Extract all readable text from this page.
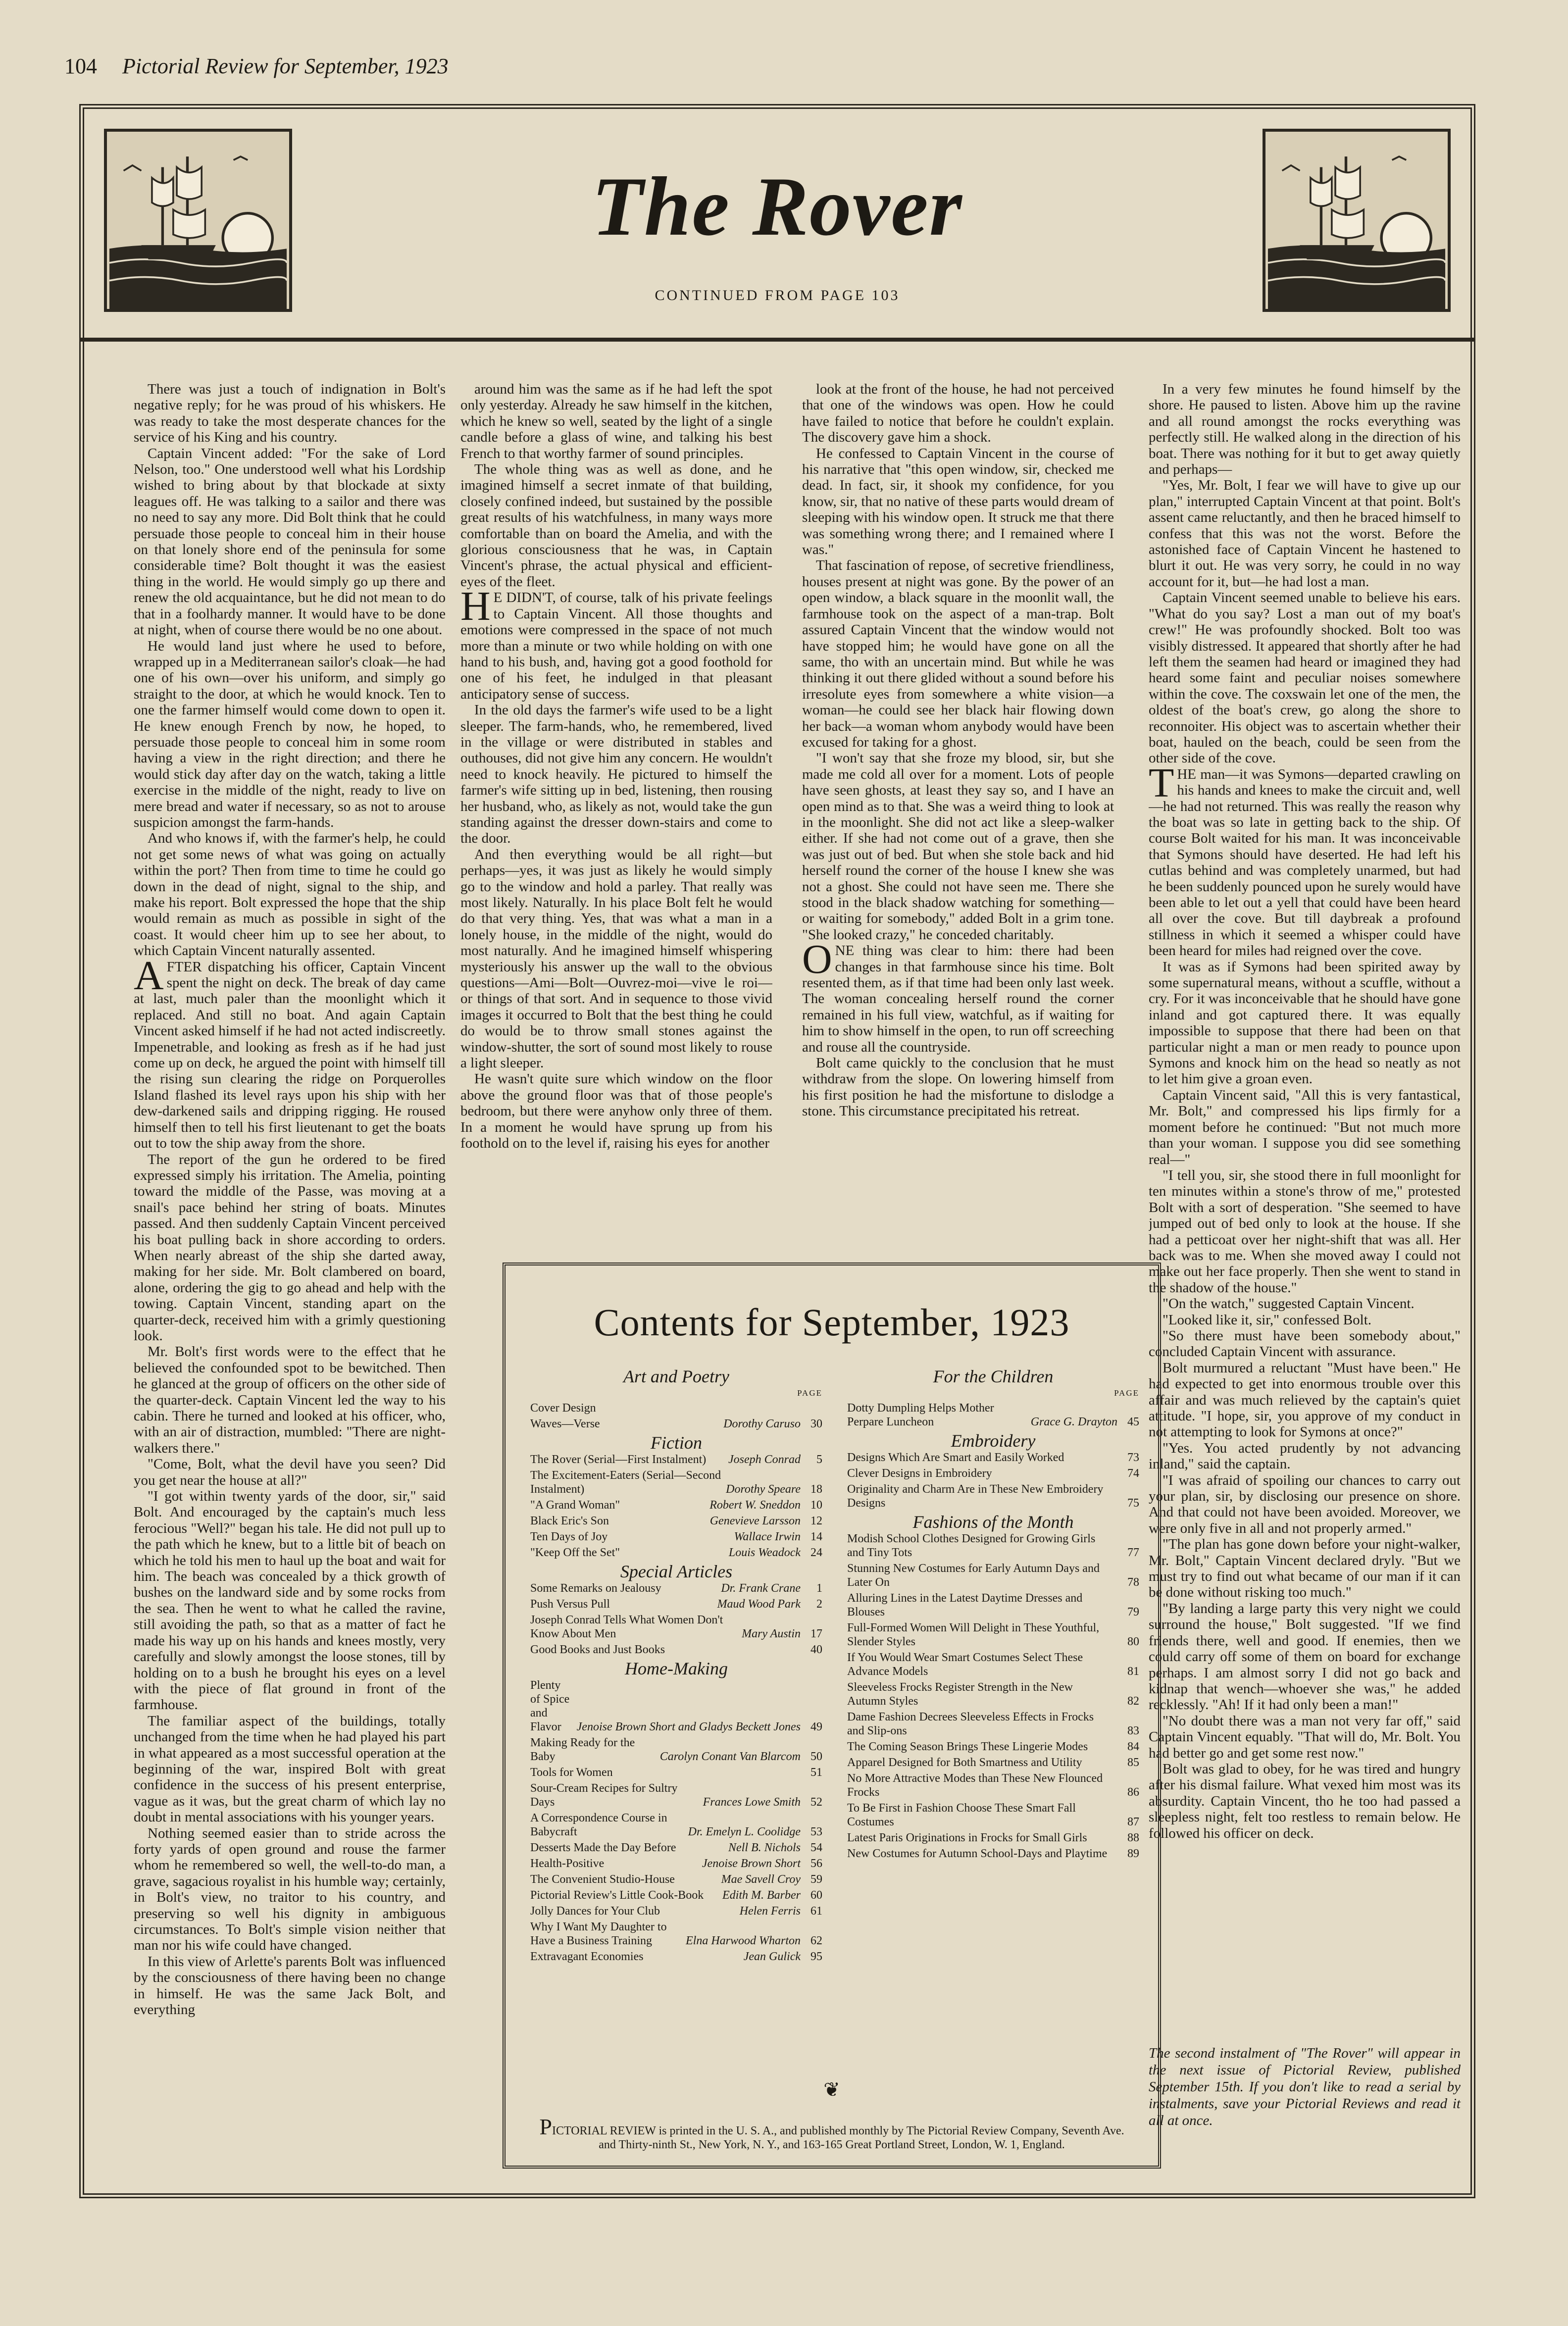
104 Pictorial Review for September, 1923
The Rover
CONTINUED FROM PAGE 103

There was just a touch of indignation in Bolt's negative reply; for he was proud of his whiskers. He was ready to take the most desperate chances for the service of his King and his country.

Captain Vincent added: "For the sake of Lord Nelson, too." One understood well what his Lordship wished to bring about by that blockade at sixty leagues off. He was talking to a sailor and there was no need to say any more. Did Bolt think that he could persuade those people to conceal him in their house on that lonely shore end of the peninsula for some considerable time? Bolt thought it was the easiest thing in the world. He would simply go up there and renew the old acquaintance, but he did not mean to do that in a foolhardy manner. It would have to be done at night, when of course there would be no one about.

He would land just where he used to before, wrapped up in a Mediterranean sailor's cloak—he had one of his own—over his uniform, and simply go straight to the door, at which he would knock. Ten to one the farmer himself would come down to open it. He knew enough French by now, he hoped, to persuade those people to conceal him in some room having a view in the right direction; and there he would stick day after day on the watch, taking a little exercise in the middle of the night, ready to live on mere bread and water if necessary, so as not to arouse suspicion amongst the farm-hands.

And who knows if, with the farmer's help, he could not get some news of what was going on actually within the port? Then from time to time he could go down in the dead of night, signal to the ship, and make his report. Bolt expressed the hope that the ship would remain as much as possible in sight of the coast. It would cheer him up to see her about, to which Captain Vincent naturally assented.

AFTER dispatching his officer, Captain Vincent spent the night on deck. The break of day came at last, much paler than the moonlight which it replaced. And still no boat. And again Captain Vincent asked himself if he had not acted indiscreetly. Impenetrable, and looking as fresh as if he had just come up on deck, he argued the point with himself till the rising sun clearing the ridge on Porquerolles Island flashed its level rays upon his ship with her dew-darkened sails and dripping rigging. He roused himself then to tell his first lieutenant to get the boats out to tow the ship away from the shore.

The report of the gun he ordered to be fired expressed simply his irritation. The Amelia, pointing toward the middle of the Passe, was moving at a snail's pace behind her string of boats. Minutes passed. And then suddenly Captain Vincent perceived his boat pulling back in shore according to orders. When nearly abreast of the ship she darted away, making for her side. Mr. Bolt clambered on board, alone, ordering the gig to go ahead and help with the towing. Captain Vincent, standing apart on the quarter-deck, received him with a grimly questioning look.

Mr. Bolt's first words were to the effect that he believed the confounded spot to be bewitched. Then he glanced at the group of officers on the other side of the quarter-deck. Captain Vincent led the way to his cabin. There he turned and looked at his officer, who, with an air of distraction, mumbled: "There are night-walkers there."

"Come, Bolt, what the devil have you seen? Did you get near the house at all?"

"I got within twenty yards of the door, sir," said Bolt. And encouraged by the captain's much less ferocious "Well?" began his tale. He did not pull up to the path which he knew, but to a little bit of beach on which he told his men to haul up the boat and wait for him. The beach was concealed by a thick growth of bushes on the landward side and by some rocks from the sea. Then he went to what he called the ravine, still avoiding the path, so that as a matter of fact he made his way up on his hands and knees mostly, very carefully and slowly amongst the loose stones, till by holding on to a bush he brought his eyes on a level with the piece of flat ground in front of the farmhouse.

The familiar aspect of the buildings, totally unchanged from the time when he had played his part in what appeared as a most successful operation at the beginning of the war, inspired Bolt with great confidence in the success of his present enterprise, vague as it was, but the great charm of which lay no doubt in mental associations with his younger years.

Nothing seemed easier than to stride across the forty yards of open ground and rouse the farmer whom he remembered so well, the well-to-do man, a grave, sagacious royalist in his humble way; certainly, in Bolt's view, no traitor to his country, and preserving so well his dignity in ambiguous circumstances. To Bolt's simple vision neither that man nor his wife could have changed.

In this view of Arlette's parents Bolt was influenced by the consciousness of there having been no change in himself. He was the same Jack Bolt, and everything

around him was the same as if he had left the spot only yesterday. Already he saw himself in the kitchen, which he knew so well, seated by the light of a single candle before a glass of wine, and talking his best French to that worthy farmer of sound principles.

The whole thing was as well as done, and he imagined himself a secret inmate of that building, closely confined indeed, but sustained by the possible great results of his watchfulness, in many ways more comfortable than on board the Amelia, and with the glorious consciousness that he was, in Captain Vincent's phrase, the actual physical and efficient-eyes of the fleet.

HE DIDN'T, of course, talk of his private feelings to Captain Vincent. All those thoughts and emotions were compressed in the space of not much more than a minute or two while holding on with one hand to his bush, and, having got a good foothold for one of his feet, he indulged in that pleasant anticipatory sense of success.

In the old days the farmer's wife used to be a light sleeper. The farm-hands, who, he remembered, lived in the village or were distributed in stables and outhouses, did not give him any concern. He wouldn't need to knock heavily. He pictured to himself the farmer's wife sitting up in bed, listening, then rousing her husband, who, as likely as not, would take the gun standing against the dresser down-stairs and come to the door.

And then everything would be all right—but perhaps—yes, it was just as likely he would simply go to the window and hold a parley. That really was most likely. Naturally. In his place Bolt felt he would do that very thing. Yes, that was what a man in a lonely house, in the middle of the night, would do most naturally. And he imagined himself whispering mysteriously his answer up the wall to the obvious questions—Ami—Bolt—Ouvrez-moi—vive le roi—or things of that sort. And in sequence to those vivid images it occurred to Bolt that the best thing he could do would be to throw small stones against the window-shutter, the sort of sound most likely to rouse a light sleeper.

He wasn't quite sure which window on the floor above the ground floor was that of those people's bedroom, but there were anyhow only three of them. In a moment he would have sprung up from his foothold on to the level if, raising his eyes for another

look at the front of the house, he had not perceived that one of the windows was open. How he could have failed to notice that before he couldn't explain. The discovery gave him a shock.

He confessed to Captain Vincent in the course of his narrative that "this open window, sir, checked me dead. In fact, sir, it shook my confidence, for you know, sir, that no native of these parts would dream of sleeping with his window open. It struck me that there was something wrong there; and I remained where I was."

That fascination of repose, of secretive friendliness, houses present at night was gone. By the power of an open window, a black square in the moonlit wall, the farmhouse took on the aspect of a man-trap. Bolt assured Captain Vincent that the window would not have stopped him; he would have gone on all the same, tho with an uncertain mind. But while he was thinking it out there glided without a sound before his irresolute eyes from somewhere a white vision—a woman—he could see her black hair flowing down her back—a woman whom anybody would have been excused for taking for a ghost.

"I won't say that she froze my blood, sir, but she made me cold all over for a moment. Lots of people have seen ghosts, at least they say so, and I have an open mind as to that. She was a weird thing to look at in the moonlight. She did not act like a sleep-walker either. If she had not come out of a grave, then she was just out of bed. But when she stole back and hid herself round the corner of the house I knew she was not a ghost. She could not have seen me. There she stood in the black shadow watching for something—or waiting for somebody," added Bolt in a grim tone. "She looked crazy," he conceded charitably.

ONE thing was clear to him: there had been changes in that farmhouse since his time. Bolt resented them, as if that time had been only last week. The woman concealing herself round the corner remained in his full view, watchful, as if waiting for him to show himself in the open, to run off screeching and rouse all the countryside.

Bolt came quickly to the conclusion that he must withdraw from the slope. On lowering himself from his first position he had the misfortune to dislodge a stone. This circumstance precipitated his retreat.

In a very few minutes he found himself by the shore. He paused to listen. Above him up the ravine and all round amongst the rocks everything was perfectly still. He walked along in the direction of his boat. There was nothing for it but to get away quietly and perhaps—

"Yes, Mr. Bolt, I fear we will have to give up our plan," interrupted Captain Vincent at that point. Bolt's assent came reluctantly, and then he braced himself to confess that this was not the worst. Before the astonished face of Captain Vincent he hastened to blurt it out. He was very sorry, he could in no way account for it, but—he had lost a man.

Captain Vincent seemed unable to believe his ears. "What do you say? Lost a man out of my boat's crew!" He was profoundly shocked. Bolt too was visibly distressed. It appeared that shortly after he had left them the seamen had heard or imagined they had heard some faint and peculiar noises somewhere within the cove. The coxswain let one of the men, the oldest of the boat's crew, go along the shore to reconnoiter. His object was to ascertain whether their boat, hauled on the beach, could be seen from the other side of the cove.

THE man—it was Symons—departed crawling on his hands and knees to make the circuit and, well—he had not returned. This was really the reason why the boat was so late in getting back to the ship. Of course Bolt waited for his man. It was inconceivable that Symons should have deserted. He had left his cutlas behind and was completely unarmed, but had he been suddenly pounced upon he surely would have been able to let out a yell that could have been heard all over the cove. But till daybreak a profound stillness in which it seemed a whisper could have been heard for miles had reigned over the cove.

It was as if Symons had been spirited away by some supernatural means, without a scuffle, without a cry. For it was inconceivable that he should have gone inland and got captured there. It was equally impossible to suppose that there had been on that particular night a man or men ready to pounce upon Symons and knock him on the head so neatly as not to let him give a groan even.

Captain Vincent said, "All this is very fantastical, Mr. Bolt," and compressed his lips firmly for a moment before he continued: "But not much more than your woman. I suppose you did see something real—"

"I tell you, sir, she stood there in full moonlight for ten minutes within a stone's throw of me," protested Bolt with a sort of desperation. "She seemed to have jumped out of bed only to look at the house. If she had a petticoat over her night-shift that was all. Her back was to me. When she moved away I could not make out her face properly. Then she went to stand in the shadow of the house."

"On the watch," suggested Captain Vincent.

"Looked like it, sir," confessed Bolt.

"So there must have been somebody about," concluded Captain Vincent with assurance.

Bolt murmured a reluctant "Must have been." He had expected to get into enormous trouble over this affair and was much relieved by the captain's quiet attitude. "I hope, sir, you approve of my conduct in not attempting to look for Symons at once?"

"Yes. You acted prudently by not advancing inland," said the captain.

"I was afraid of spoiling our chances to carry out your plan, sir, by disclosing our presence on shore. And that could not have been avoided. Moreover, we were only five in all and not properly armed."

"The plan has gone down before your night-walker, Mr. Bolt," Captain Vincent declared dryly. "But we must try to find out what became of our man if it can be done without risking too much."

"By landing a large party this very night we could surround the house," Bolt suggested. "If we find friends there, well and good. If enemies, then we could carry off some of them on board for exchange perhaps. I am almost sorry I did not go back and kidnap that wench—whoever she was," he added recklessly. "Ah! If it had only been a man!"

"No doubt there was a man not very far off," said Captain Vincent equably. "That will do, Mr. Bolt. You had better go and get some rest now."

Bolt was glad to obey, for he was tired and hungry after his dismal failure. What vexed him most was its absurdity. Captain Vincent, tho he too had passed a sleepless night, felt too restless to remain below. He followed his officer on deck.

Contents for September, 1923
Art and Poetry
PAGE
Cover Design
Waves—Verse	Dorothy Caruso 30
Fiction
The Rover (Serial—First Instalment)	Joseph Conrad	5
The Excitement-Eaters (Serial—Second Instalment)	Dorothy Speare 18
"A Grand Woman"	Robert W. Sneddon 10
Black Eric's Son	Genevieve Larsson 12
Ten Days of Joy	Wallace Irwin 14
"Keep Off the Set"	Louis Weadock 24
Special Articles
Some Remarks on Jealousy	Dr. Frank Crane	1
Push Versus Pull	Maud Wood Park	2
Joseph Conrad Tells What Women Don't Know About Men	Mary Austin 17
Good Books and Just Books	40
Home-Making
Plenty of Spice and Flavor	Jenoise Brown Short and Gladys Beckett Jones 49
Making Ready for the Baby	Carolyn Conant Van Blarcom 50
Tools for Women	51
Sour-Cream Recipes for Sultry Days	Frances Lowe Smith 52
A Correspondence Course in Babycraft	Dr. Emelyn L. Coolidge 53
Desserts Made the Day Before	Nell B. Nichols 54
Health-Positive	Jenoise Brown Short 56
The Convenient Studio-House	Mae Savell Croy 59
Pictorial Review's Little Cook-Book	Edith M. Barber 60
Jolly Dances for Your Club	Helen Ferris 61
Why I Want My Daughter to Have a Business Training	Elna Harwood Wharton 62
Extravagant Economies	Jean Gulick 95
For the Children
PAGE
Dotty Dumpling Helps Mother Perpare Luncheon	Grace G. Drayton 45
Embroidery
Designs Which Are Smart and Easily Worked	73
Clever Designs in Embroidery	74
Originality and Charm Are in These New Embroidery Designs	75
Fashions of the Month
Modish School Clothes Designed for Growing Girls and Tiny Tots	77
Stunning New Costumes for Early Autumn Days and Later On	78
Alluring Lines in the Latest Daytime Dresses and Blouses	79
Full-Formed Women Will Delight in These Youthful, Slender Styles	80
If You Would Wear Smart Costumes Select These Advance Models	81
Sleeveless Frocks Register Strength in the New Autumn Styles	82
Dame Fashion Decrees Sleeveless Effects in Frocks and Slip-ons	83
The Coming Season Brings These Lingerie Modes	84
Apparel Designed for Both Smartness and Utility	85
No More Attractive Modes than These New Flounced Frocks	86
To Be First in Fashion Choose These Smart Fall Costumes	87
Latest Paris Originations in Frocks for Small Girls	88
New Costumes for Autumn School-Days and Playtime	89
❦
PICTORIAL REVIEW is printed in the U. S. A., and published monthly by The Pictorial Review Company, Seventh Ave. and Thirty-ninth St., New York, N. Y., and 163-165 Great Portland Street, London, W. 1, England.
The second instalment of "The Rover" will appear in the next issue of Pictorial Review, published September 15th. If you don't like to read a serial by instalments, save your Pictorial Reviews and read it all at once.
